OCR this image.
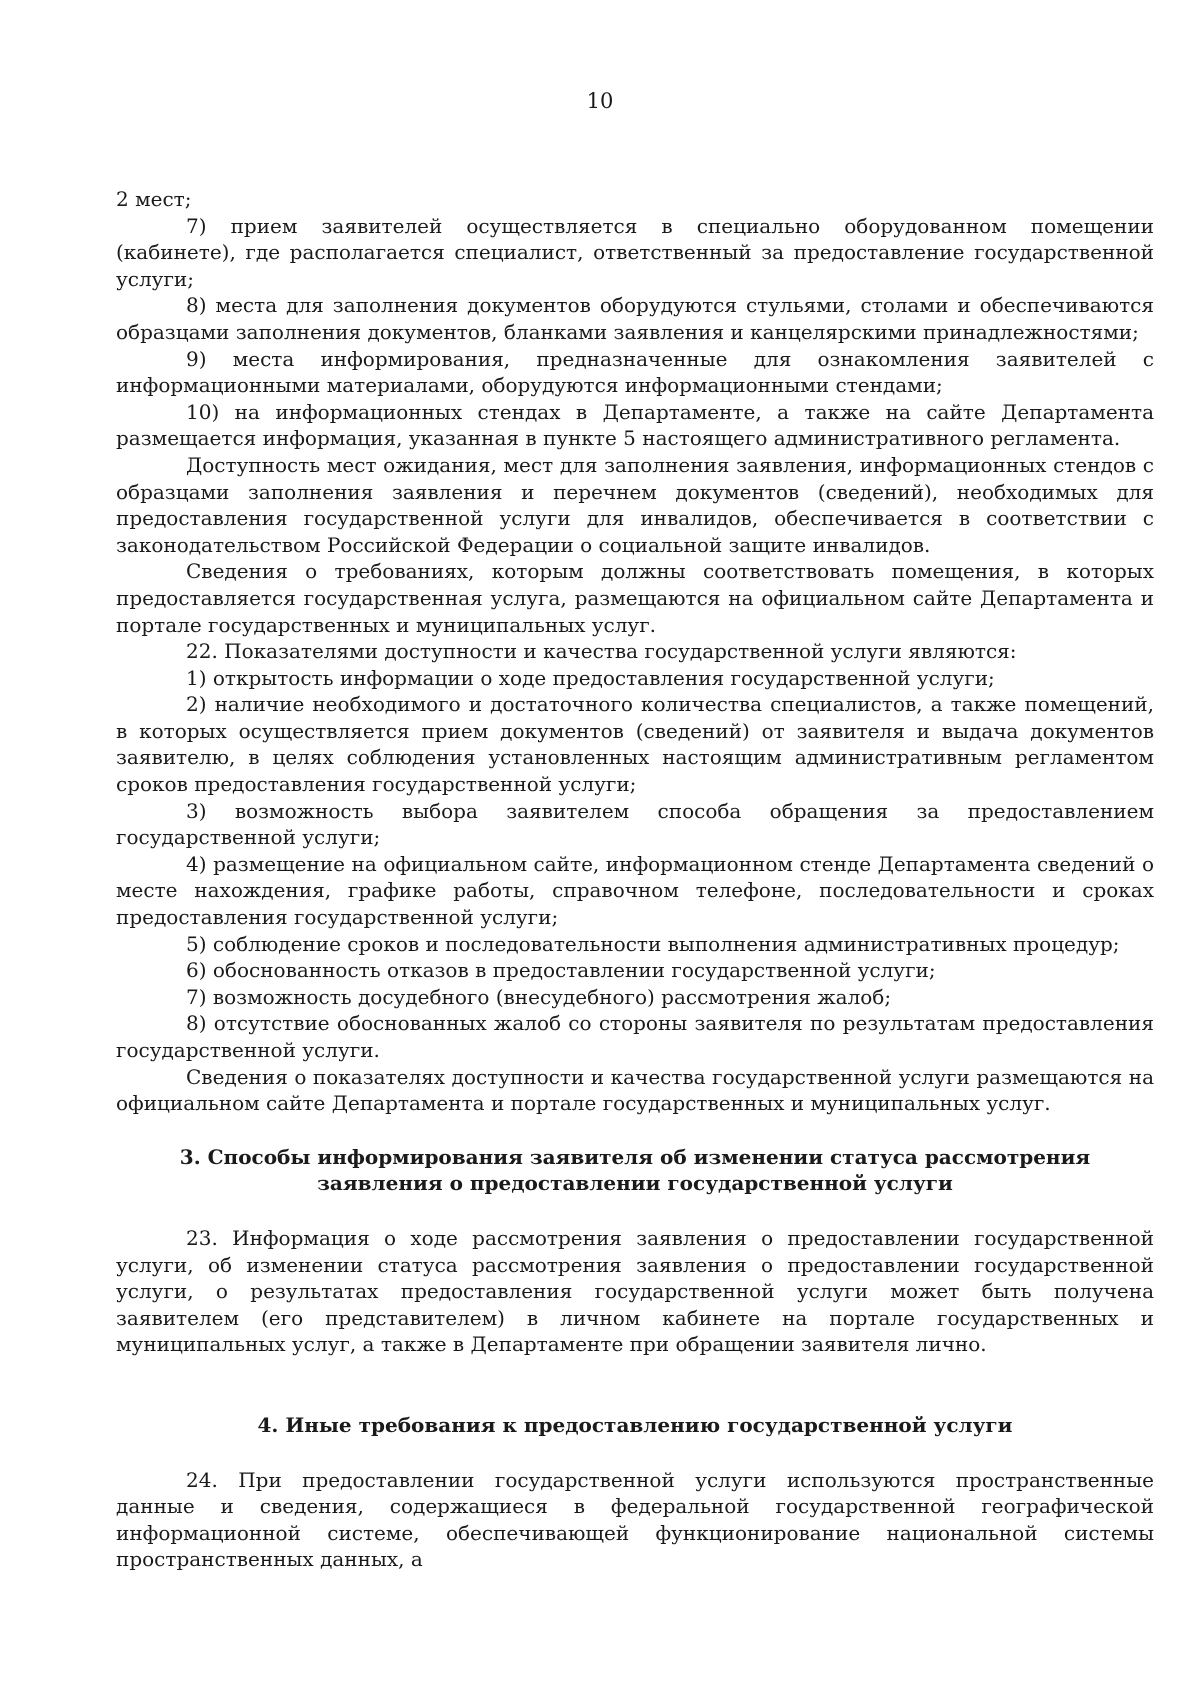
10

2 мест;

7) прием заявителей осуществляется в специально оборудованном помещении (кабинете), где располагается специалист, ответственный за предоставление государственной услуги;

8) места для заполнения документов оборудуются стульями, столами и обеспечиваются образцами заполнения документов, бланками заявления и канцелярскими принадлежностями;

9) места информирования, предназначенные для ознакомления заявителей с информационными материалами, оборудуются информационными стендами;

10) на информационных стендах в Департаменте, а также на сайте Департамента размещается информация, указанная в пункте 5 настоящего административного регламента.

Доступность мест ожидания, мест для заполнения заявления, информационных стендов с образцами заполнения заявления и перечнем документов (сведений), необходимых для предоставления государственной услуги для инвалидов, обеспечивается в соответствии с законодательством Российской Федерации о социальной защите инвалидов.

Сведения о требованиях, которым должны соответствовать помещения, в которых предоставляется государственная услуга, размещаются на официальном сайте Департамента и портале государственных и муниципальных услуг.

22. Показателями доступности и качества государственной услуги являются:

1) открытость информации о ходе предоставления государственной услуги;

2) наличие необходимого и достаточного количества специалистов, а также помещений, в которых осуществляется прием документов (сведений) от заявителя и выдача документов заявителю, в целях соблюдения установленных настоящим административным регламентом сроков предоставления государственной услуги;

3) возможность выбора заявителем способа обращения за предоставлением государственной услуги;

4) размещение на официальном сайте, информационном стенде Департамента сведений о месте нахождения, графике работы, справочном телефоне, последовательности и сроках предоставления государственной услуги;

5) соблюдение сроков и последовательности выполнения административных процедур;

6) обоснованность отказов в предоставлении государственной услуги;

7) возможность досудебного (внесудебного) рассмотрения жалоб;

8) отсутствие обоснованных жалоб со стороны заявителя по результатам предоставления государственной услуги.

Сведения о показателях доступности и качества государственной услуги размещаются на официальном сайте Департамента и портале государственных и муниципальных услуг.

3. Способы информирования заявителя об изменении статуса рассмотрения заявления о предоставлении государственной услуги

23. Информация о ходе рассмотрения заявления о предоставлении государственной услуги, об изменении статуса рассмотрения заявления о предоставлении государственной услуги, о результатах предоставления государственной услуги может быть получена заявителем (его представителем) в личном кабинете на портале государственных и муниципальных услуг, а также в Департаменте при обращении заявителя лично.

4. Иные требования к предоставлению государственной услуги

24. При предоставлении государственной услуги используются пространственные данные и сведения, содержащиеся в федеральной государственной географической информационной системе, обеспечивающей функционирование национальной системы пространственных данных, а
